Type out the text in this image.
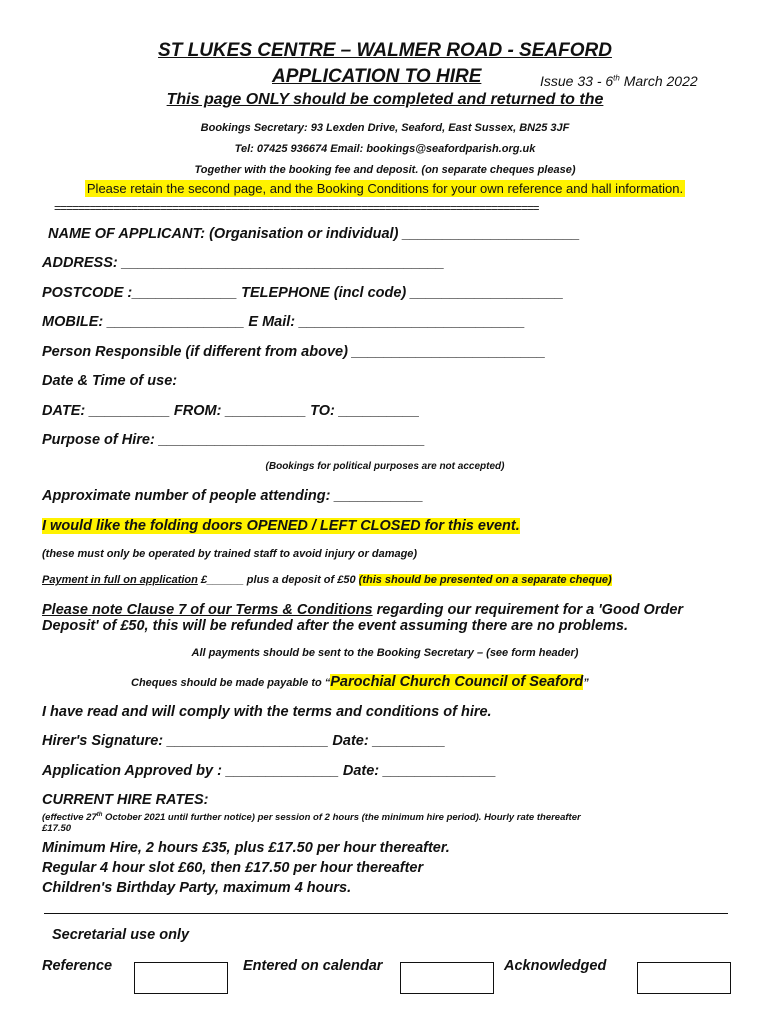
ST LUKES CENTRE – WALMER ROAD - SEAFORD
APPLICATION TO HIRE	Issue 33 - 6th March 2022
This page ONLY should be completed and returned to the
Bookings Secretary: 93 Lexden Drive, Seaford, East Sussex, BN25 3JF
Tel: 07425 936674 Email: bookings@seafordparish.org.uk
Together with the booking fee and deposit. (on separate cheques please)
Please retain the second page, and the Booking Conditions for your own reference and hall information.
==================================================================================
NAME OF APPLICANT: (Organisation or individual) ______________________
ADDRESS: ________________________________________
POSTCODE :_____________ TELEPHONE (incl code) ___________________
MOBILE: _________________ E Mail: ____________________________
Person Responsible (if different from above) ________________________
Date & Time of use:
DATE: __________ FROM: __________ TO: __________
Purpose of Hire: _________________________________
(Bookings for political purposes are not accepted)
Approximate number of people attending: ___________
I would like the folding doors OPENED / LEFT CLOSED for this event.
(these must only be operated by trained staff to avoid injury or damage)
Payment in full on application £______ plus a deposit of £50 (this should be presented on a separate cheque)
Please note Clause 7 of our Terms & Conditions regarding our requirement for a 'Good Order
Deposit' of £50, this will be refunded after the event assuming there are no problems.
All payments should be sent to the Booking Secretary – (see form header)
Cheques should be made payable to “Parochial Church Council of Seaford”
I have read and will comply with the terms and conditions of hire.
Hirer's Signature: ____________________ Date: _________
Application Approved by : ______________ Date: ______________
CURRENT HIRE RATES:
(effective 27th October 2021 until further notice) per session of 2 hours (the minimum hire period). Hourly rate thereafter
£17.50
Minimum Hire, 2 hours £35, plus £17.50 per hour thereafter.
Regular 4 hour slot £60, then £17.50 per hour thereafter
Children's Birthday Party, maximum 4 hours.
Secretarial use only
Reference	Entered on calendar	Acknowledged
